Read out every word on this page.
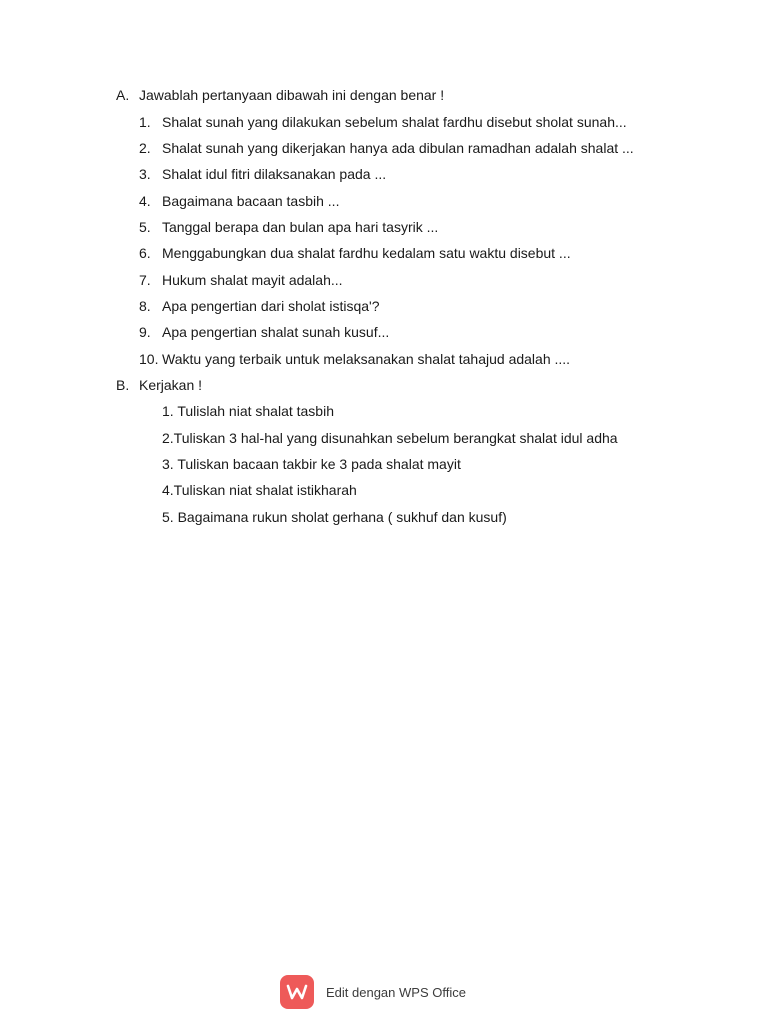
A. Jawablah pertanyaan dibawah ini dengan benar !
1. Shalat sunah yang dilakukan sebelum shalat fardhu disebut sholat sunah...
2. Shalat sunah yang dikerjakan hanya ada dibulan ramadhan adalah shalat ...
3. Shalat idul fitri dilaksanakan pada ...
4. Bagaimana bacaan tasbih ...
5. Tanggal berapa dan bulan apa hari tasyrik ...
6. Menggabungkan dua shalat fardhu kedalam satu waktu disebut ...
7. Hukum shalat mayit adalah...
8. Apa pengertian dari sholat istisqa'?
9. Apa pengertian shalat sunah kusuf...
10. Waktu yang terbaik untuk melaksanakan shalat tahajud adalah ....
B. Kerjakan !
1. Tulislah niat shalat tasbih
2.Tuliskan 3 hal-hal yang disunahkan sebelum berangkat shalat idul adha
3. Tuliskan bacaan takbir ke 3 pada shalat mayit
4.Tuliskan niat shalat istikharah
5. Bagaimana rukun sholat gerhana ( sukhuf dan kusuf)
Edit dengan WPS Office
